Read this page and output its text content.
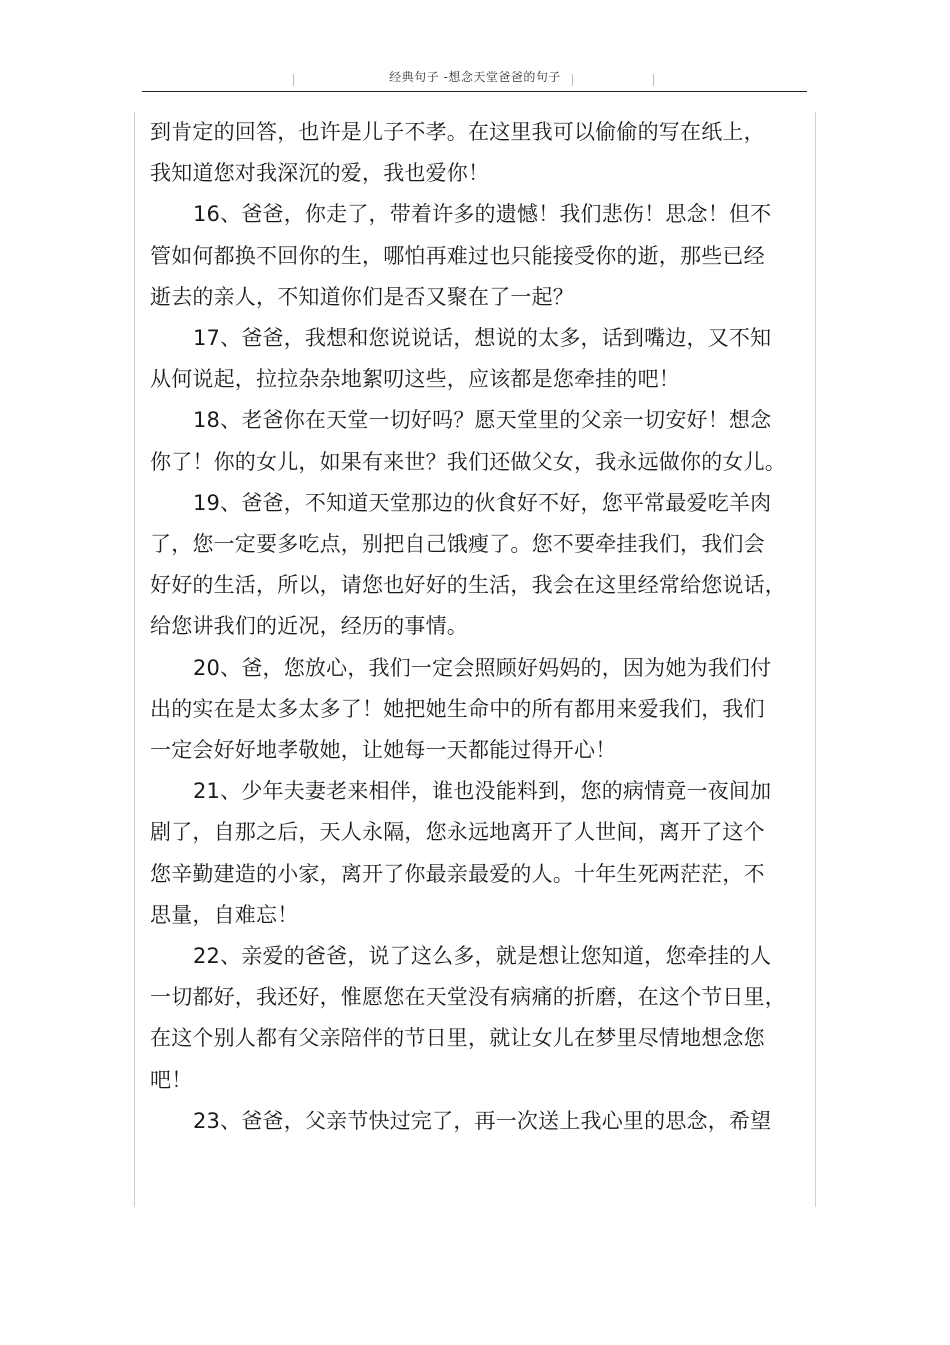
经典句子 -想念天堂爸爸的句子

到肯定的回答，也许是儿子不孝。在这里我可以偷偷的写在纸上，

我知道您对我深沉的爱，我也爱你！

16、爸爸，你走了，带着许多的遗憾！我们悲伤！思念！但不

管如何都换不回你的生，哪怕再难过也只能接受你的逝，那些已经

逝去的亲人，不知道你们是否又聚在了一起？

17、爸爸，我想和您说说话，想说的太多，话到嘴边，又不知

从何说起，拉拉杂杂地絮叨这些，应该都是您牵挂的吧！

18、老爸你在天堂一切好吗？愿天堂里的父亲一切安好！想念

你了！你的女儿，如果有来世？我们还做父女，我永远做你的女儿。

19、爸爸，不知道天堂那边的伙食好不好，您平常最爱吃羊肉

了，您一定要多吃点，别把自己饿瘦了。您不要牵挂我们，我们会

好好的生活，所以，请您也好好的生活，我会在这里经常给您说话，

给您讲我们的近况，经历的事情。

20、爸，您放心，我们一定会照顾好妈妈的，因为她为我们付

出的实在是太多太多了！她把她生命中的所有都用来爱我们，我们

一定会好好地孝敬她，让她每一天都能过得开心！

21、少年夫妻老来相伴，谁也没能料到，您的病情竟一夜间加

剧了，自那之后，天人永隔，您永远地离开了人世间，离开了这个

您辛勤建造的小家，离开了你最亲最爱的人。十年生死两茫茫，不

思量，自难忘！

22、亲爱的爸爸，说了这么多，就是想让您知道，您牵挂的人

一切都好，我还好，惟愿您在天堂没有病痛的折磨，在这个节日里，

在这个别人都有父亲陪伴的节日里，就让女儿在梦里尽情地想念您

吧！

23、爸爸，父亲节快过完了，再一次送上我心里的思念，希望
